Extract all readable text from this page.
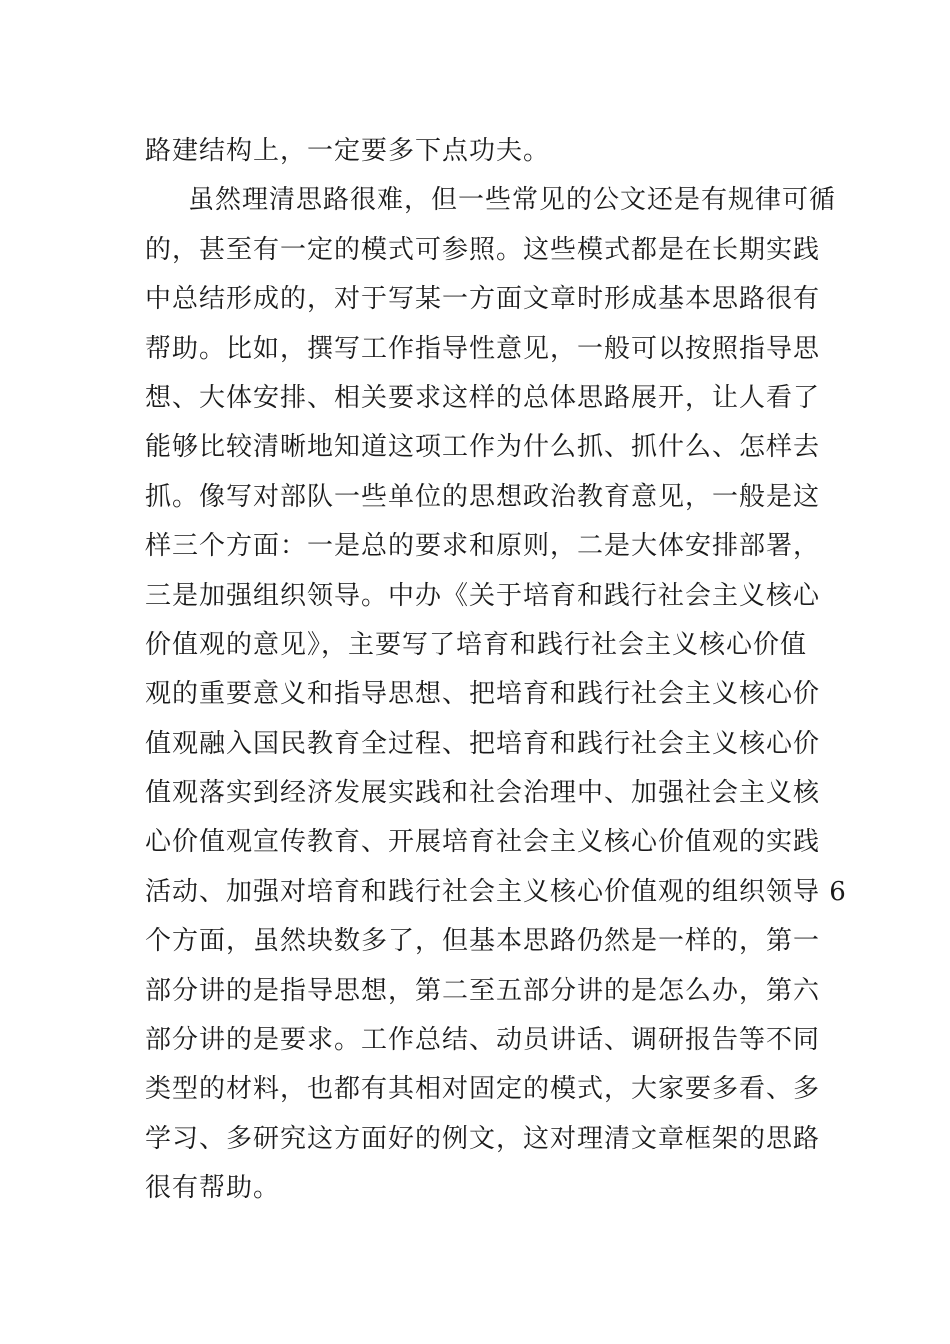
路建结构上，一定要多下点功夫。
虽然理清思路很难，但一些常见的公文还是有规律可循
的，甚至有一定的模式可参照。这些模式都是在长期实践
中总结形成的，对于写某一方面文章时形成基本思路很有
帮助。比如，撰写工作指导性意见，一般可以按照指导思
想、大体安排、相关要求这样的总体思路展开，让人看了
能够比较清晰地知道这项工作为什么抓、抓什么、怎样去
抓。像写对部队一些单位的思想政治教育意见，一般是这
样三个方面：一是总的要求和原则，二是大体安排部署，
三是加强组织领导。中办《关于培育和践行社会主义核心
价值观的意见》，主要写了培育和践行社会主义核心价值
观的重要意义和指导思想、把培育和践行社会主义核心价
值观融入国民教育全过程、把培育和践行社会主义核心价
值观落实到经济发展实践和社会治理中、加强社会主义核
心价值观宣传教育、开展培育社会主义核心价值观的实践
活动、加强对培育和践行社会主义核心价值观的组织领导 6
个方面，虽然块数多了，但基本思路仍然是一样的，第一
部分讲的是指导思想，第二至五部分讲的是怎么办，第六
部分讲的是要求。工作总结、动员讲话、调研报告等不同
类型的材料，也都有其相对固定的模式，大家要多看、多
学习、多研究这方面好的例文，这对理清文章框架的思路
很有帮助。
